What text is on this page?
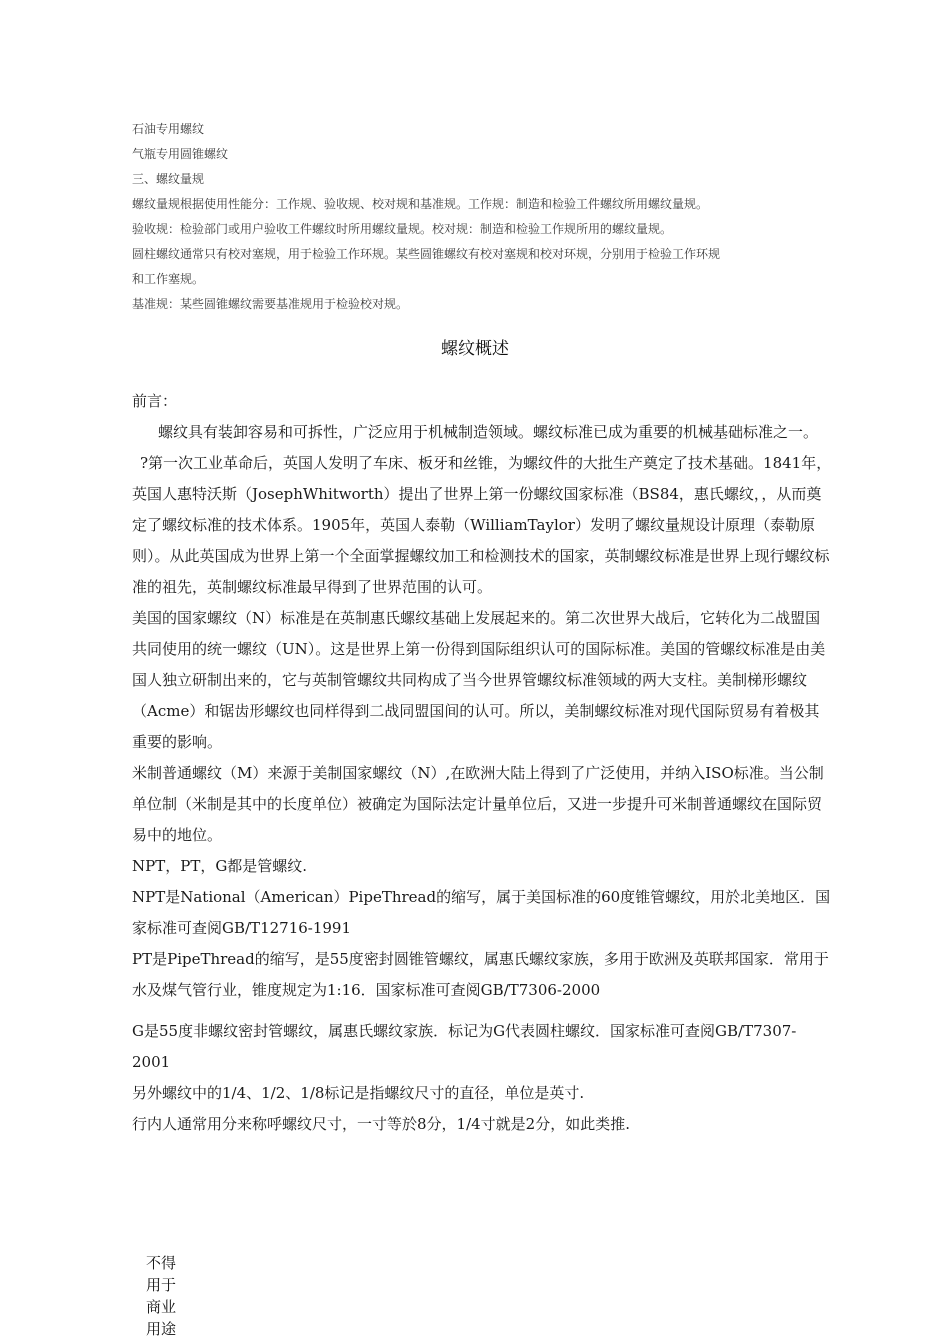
石油专用螺纹

气瓶专用圆锥螺纹

三、螺纹量规

螺纹量规根据使用性能分：工作规、验收规、校对规和基准规。工作规：制造和检验工件螺纹所用螺纹量规。

验收规：检验部门或用户验收工件螺纹时所用螺纹量规。校对规：制造和检验工作规所用的螺纹量规。

圆柱螺纹通常只有校对塞规，用于检验工作环规。某些圆锥螺纹有校对塞规和校对环规，分别用于检验工作环规

和工作塞规。

基准规：某些圆锥螺纹需要基准规用于检验校对规。

螺纹概述

前言：

螺纹具有装卸容易和可拆性，广泛应用于机械制造领域。螺纹标准已成为重要的机械基础标准之一。

?第一次工业革命后，英国人发明了车床、板牙和丝锥，为螺纹件的大批生产奠定了技术基础。1841年，英国人惠特沃斯（JosephWhitworth）提出了世界上第一份螺纹国家标准（BS84，惠氏螺纹，，从而奠定了螺纹标准的技术体系。1905年，英国人泰勒（WilliamTaylor）发明了螺纹量规设计原理（泰勒原则）。从此英国成为世界上第一个全面掌握螺纹加工和检测技术的国家，英制螺纹标准是世界上现行螺纹标准的祖先，英制螺纹标准最早得到了世界范围的认可。

美国的国家螺纹（N）标准是在英制惠氏螺纹基础上发展起来的。第二次世界大战后，它转化为二战盟国共同使用的统一螺纹（UN）。这是世界上第一份得到国际组织认可的国际标准。美国的管螺纹标准是由美国人独立研制出来的，它与英制管螺纹共同构成了当今世界管螺纹标准领域的两大支柱。美制梯形螺纹（Acme）和锯齿形螺纹也同样得到二战同盟国间的认可。所以，美制螺纹标准对现代国际贸易有着极其重要的影响。

米制普通螺纹（M）来源于美制国家螺纹（N）,在欧洲大陆上得到了广泛使用，并纳入ISO标准。当公制单位制（米制是其中的长度单位）被确定为国际法定计量单位后，又进一步提升可米制普通螺纹在国际贸易中的地位。

NPT，PT，G都是管螺纹.

NPT是National（American）PipeThread的缩写，属于美国标准的60度锥管螺纹，用於北美地区．国家标准可查阅GB/T12716-1991

PT是PipeThread的缩写，是55度密封圆锥管螺纹，属惠氏螺纹家族，多用于欧洲及英联邦国家．常用于水及煤气管行业，锥度规定为1:16．国家标准可查阅GB/T7306-2000

G是55度非螺纹密封管螺纹，属惠氏螺纹家族．标记为G代表圆柱螺纹．国家标准可查阅GB/T7307-2001

另外螺纹中的1/4、1/2、1/8标记是指螺纹尺寸的直径，单位是英寸.

行内人通常用分来称呼螺纹尺寸，一寸等於8分，1/4寸就是2分，如此类推.

不得
用于
商业
用途
